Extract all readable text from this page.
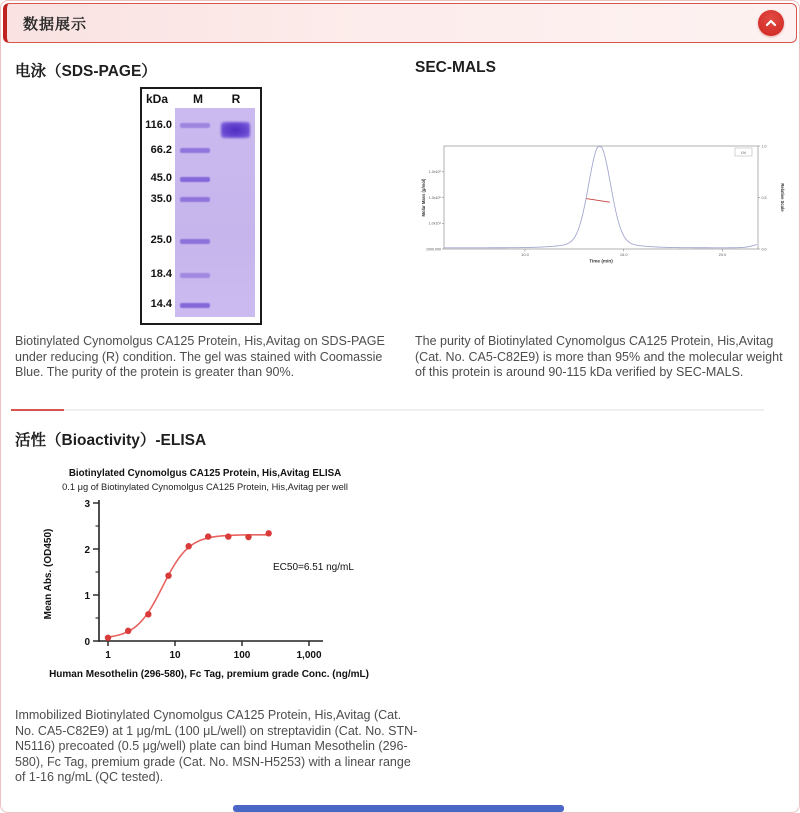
数据展示
电泳（SDS-PAGE）
kDa	M	R
116.0
66.2
45.0
35.0
25.0
18.4
14.4
Biotinylated Cynomolgus CA125 Protein, His,Avitag on SDS-PAGE under reducing (R) condition. The gel was stained with Coomassie Blue. The purity of the protein is greater than 90%.
SEC-MALS
10.0	15.0	20.0
1.0x10⁶
1.0x10⁵
1.0x10⁴
1000.000
1.0
0.5
0.0
Molar Mass (g/mol)	Relative Scale
Time (min)
UV
The purity of Biotinylated Cynomolgus CA125 Protein, His,Avitag (Cat. No. CA5-C82E9) is more than 95% and the molecular weight of this protein is around 90-115 kDa verified by SEC-MALS.
活性（Bioactivity）-ELISA
Biotinylated Cynomolgus CA125 Protein, His,Avitag ELISA
0.1 μg of Biotinylated Cynomolgus CA125 Protein, His,Avitag per well
0
1
2
3
1	10	100	1,000
EC50=6.51 ng/mL
Human Mesothelin (296-580), Fc Tag, premium grade Conc. (ng/mL)
Mean Abs. (OD450)
Immobilized Biotinylated Cynomolgus CA125 Protein, His,Avitag (Cat. No. CA5-C82E9) at 1 μg/mL (100 μL/well) on streptavidin (Cat. No. STN-N5116) precoated (0.5 μg/well) plate can bind Human Mesothelin (296-580), Fc Tag, premium grade (Cat. No. MSN-H5253) with a linear range of 1-16 ng/mL (QC tested).
